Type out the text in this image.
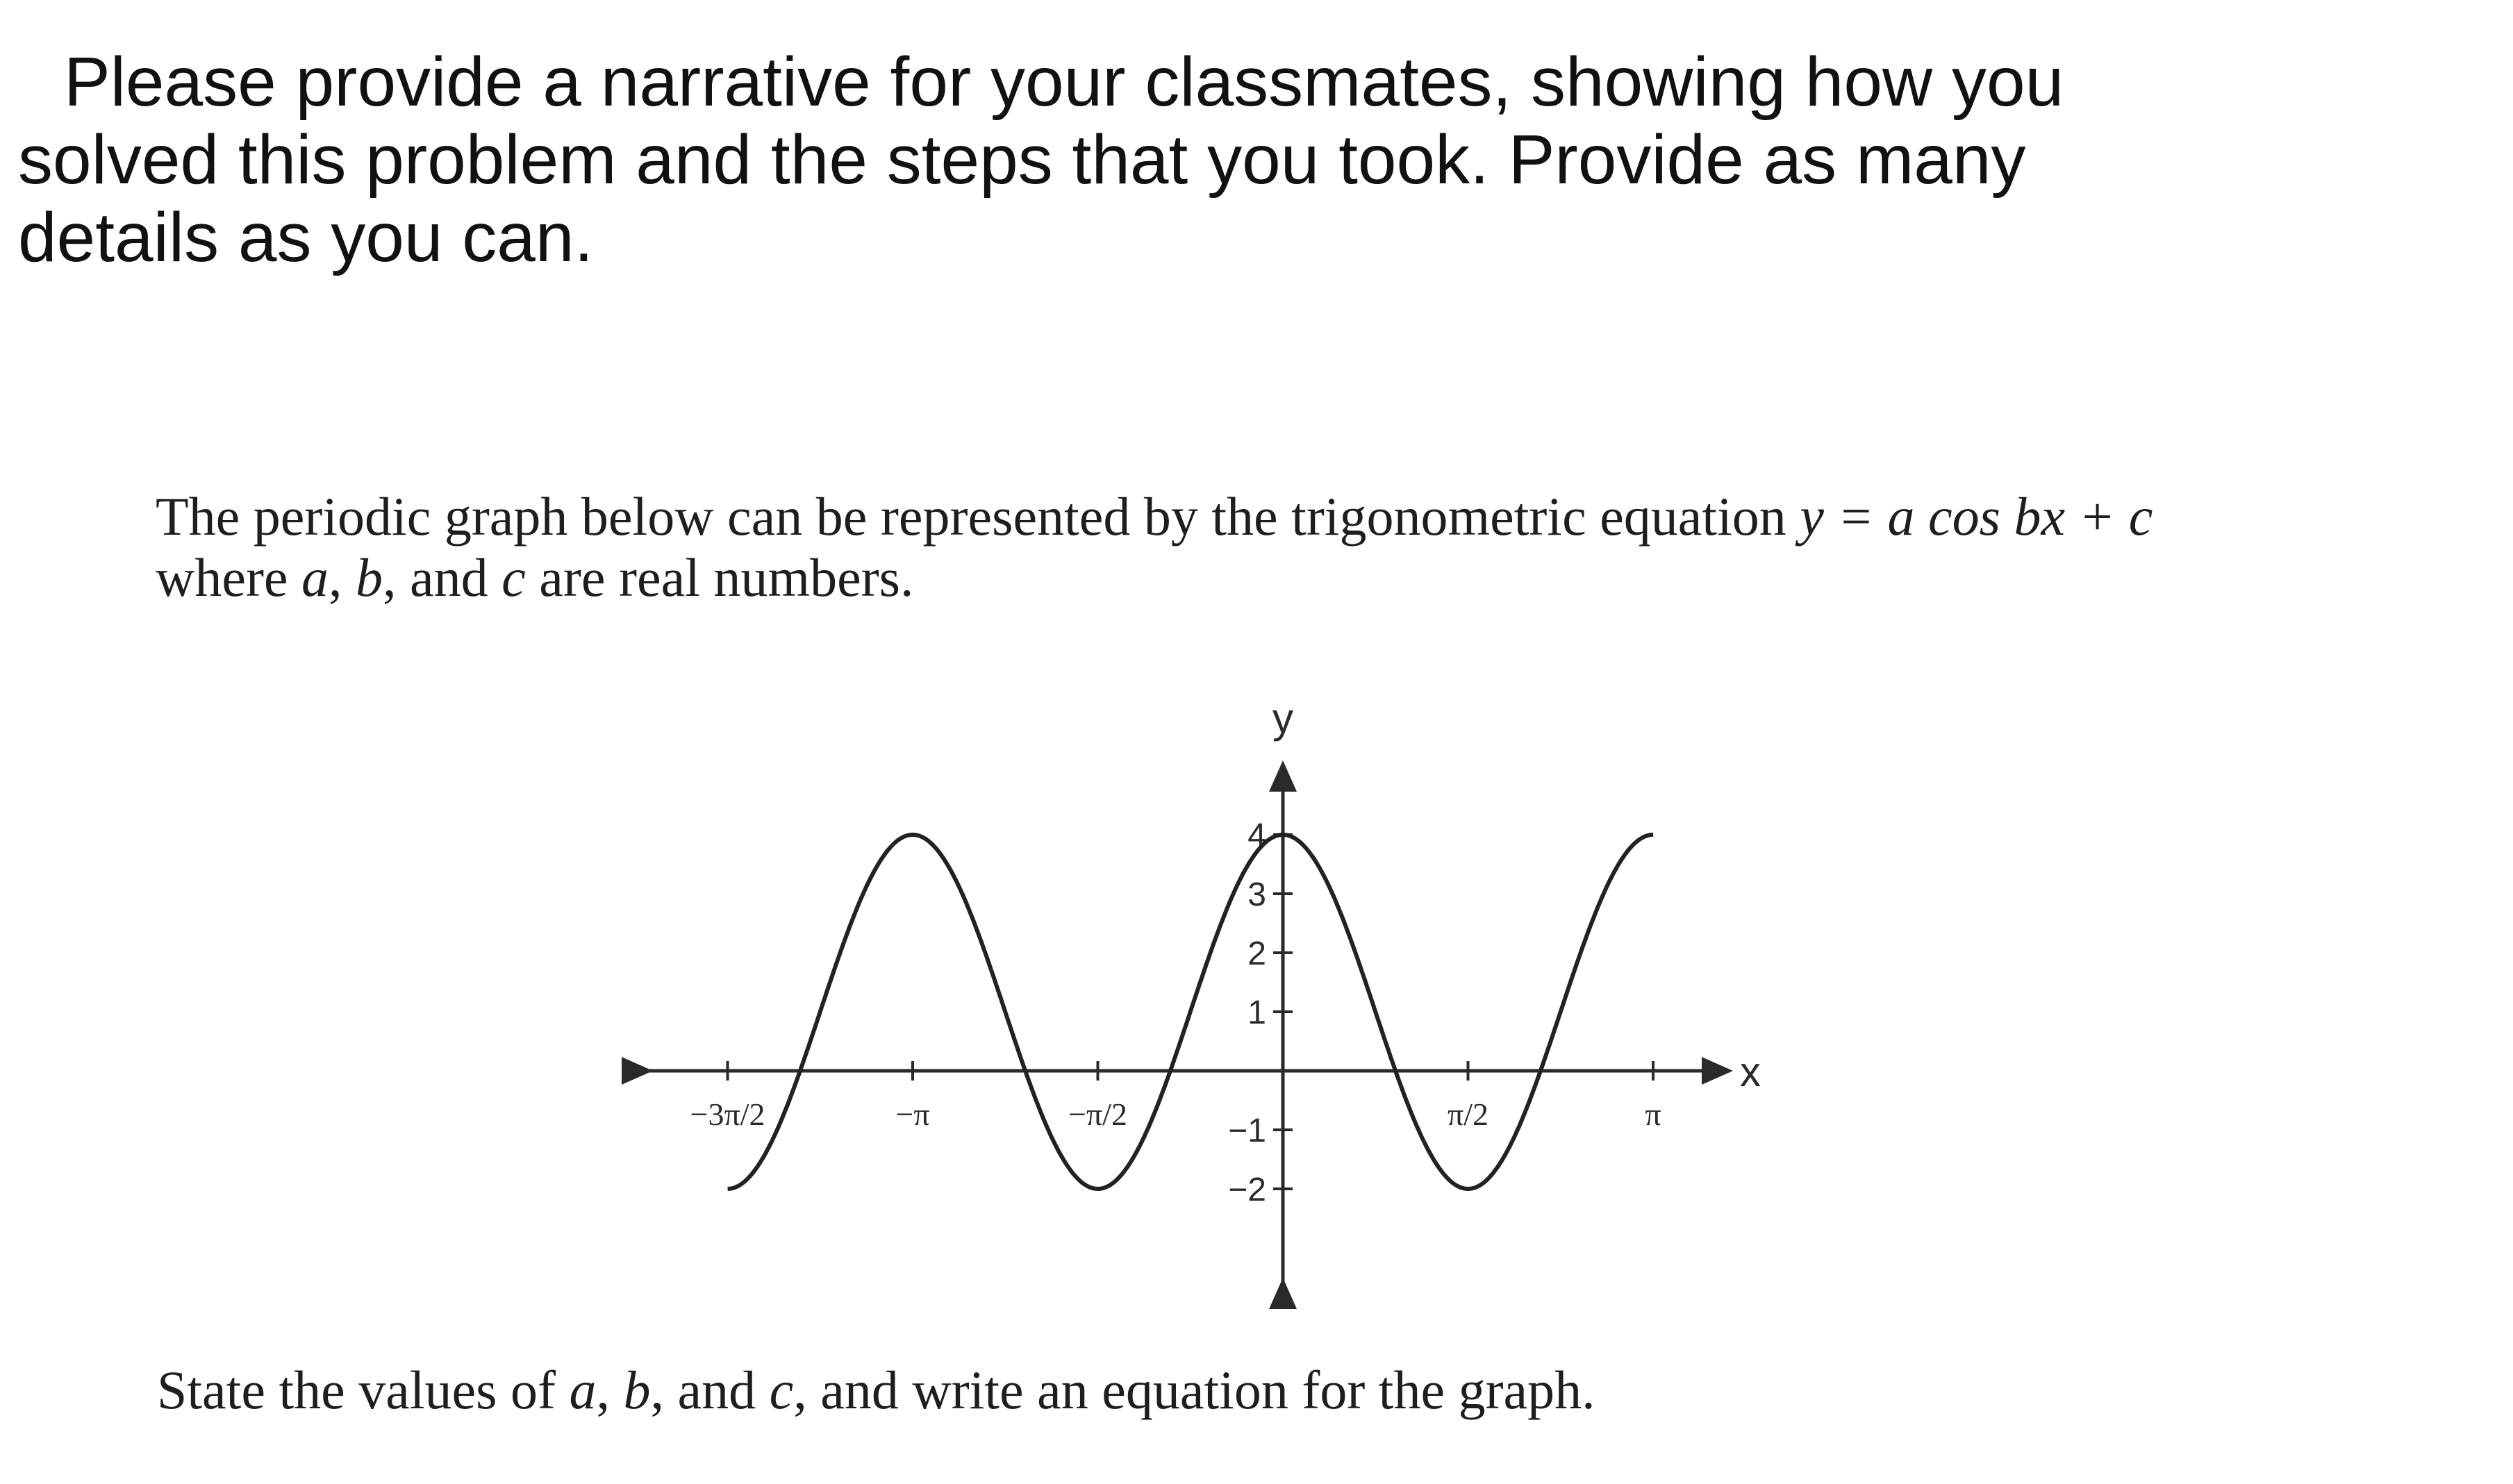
Please provide a narrative for your classmates, showing how you
solved this problem and the steps that you took. Provide as many
details as you can.
The periodic graph below can be represented by the trigonometric equation y = a cos bx + c
where a, b, and c are real numbers.
−3π/2	−π	−π/2	π/2	π
4
3
2
1
−1
−2
x
y
State the values of a, b, and c, and write an equation for the graph.
